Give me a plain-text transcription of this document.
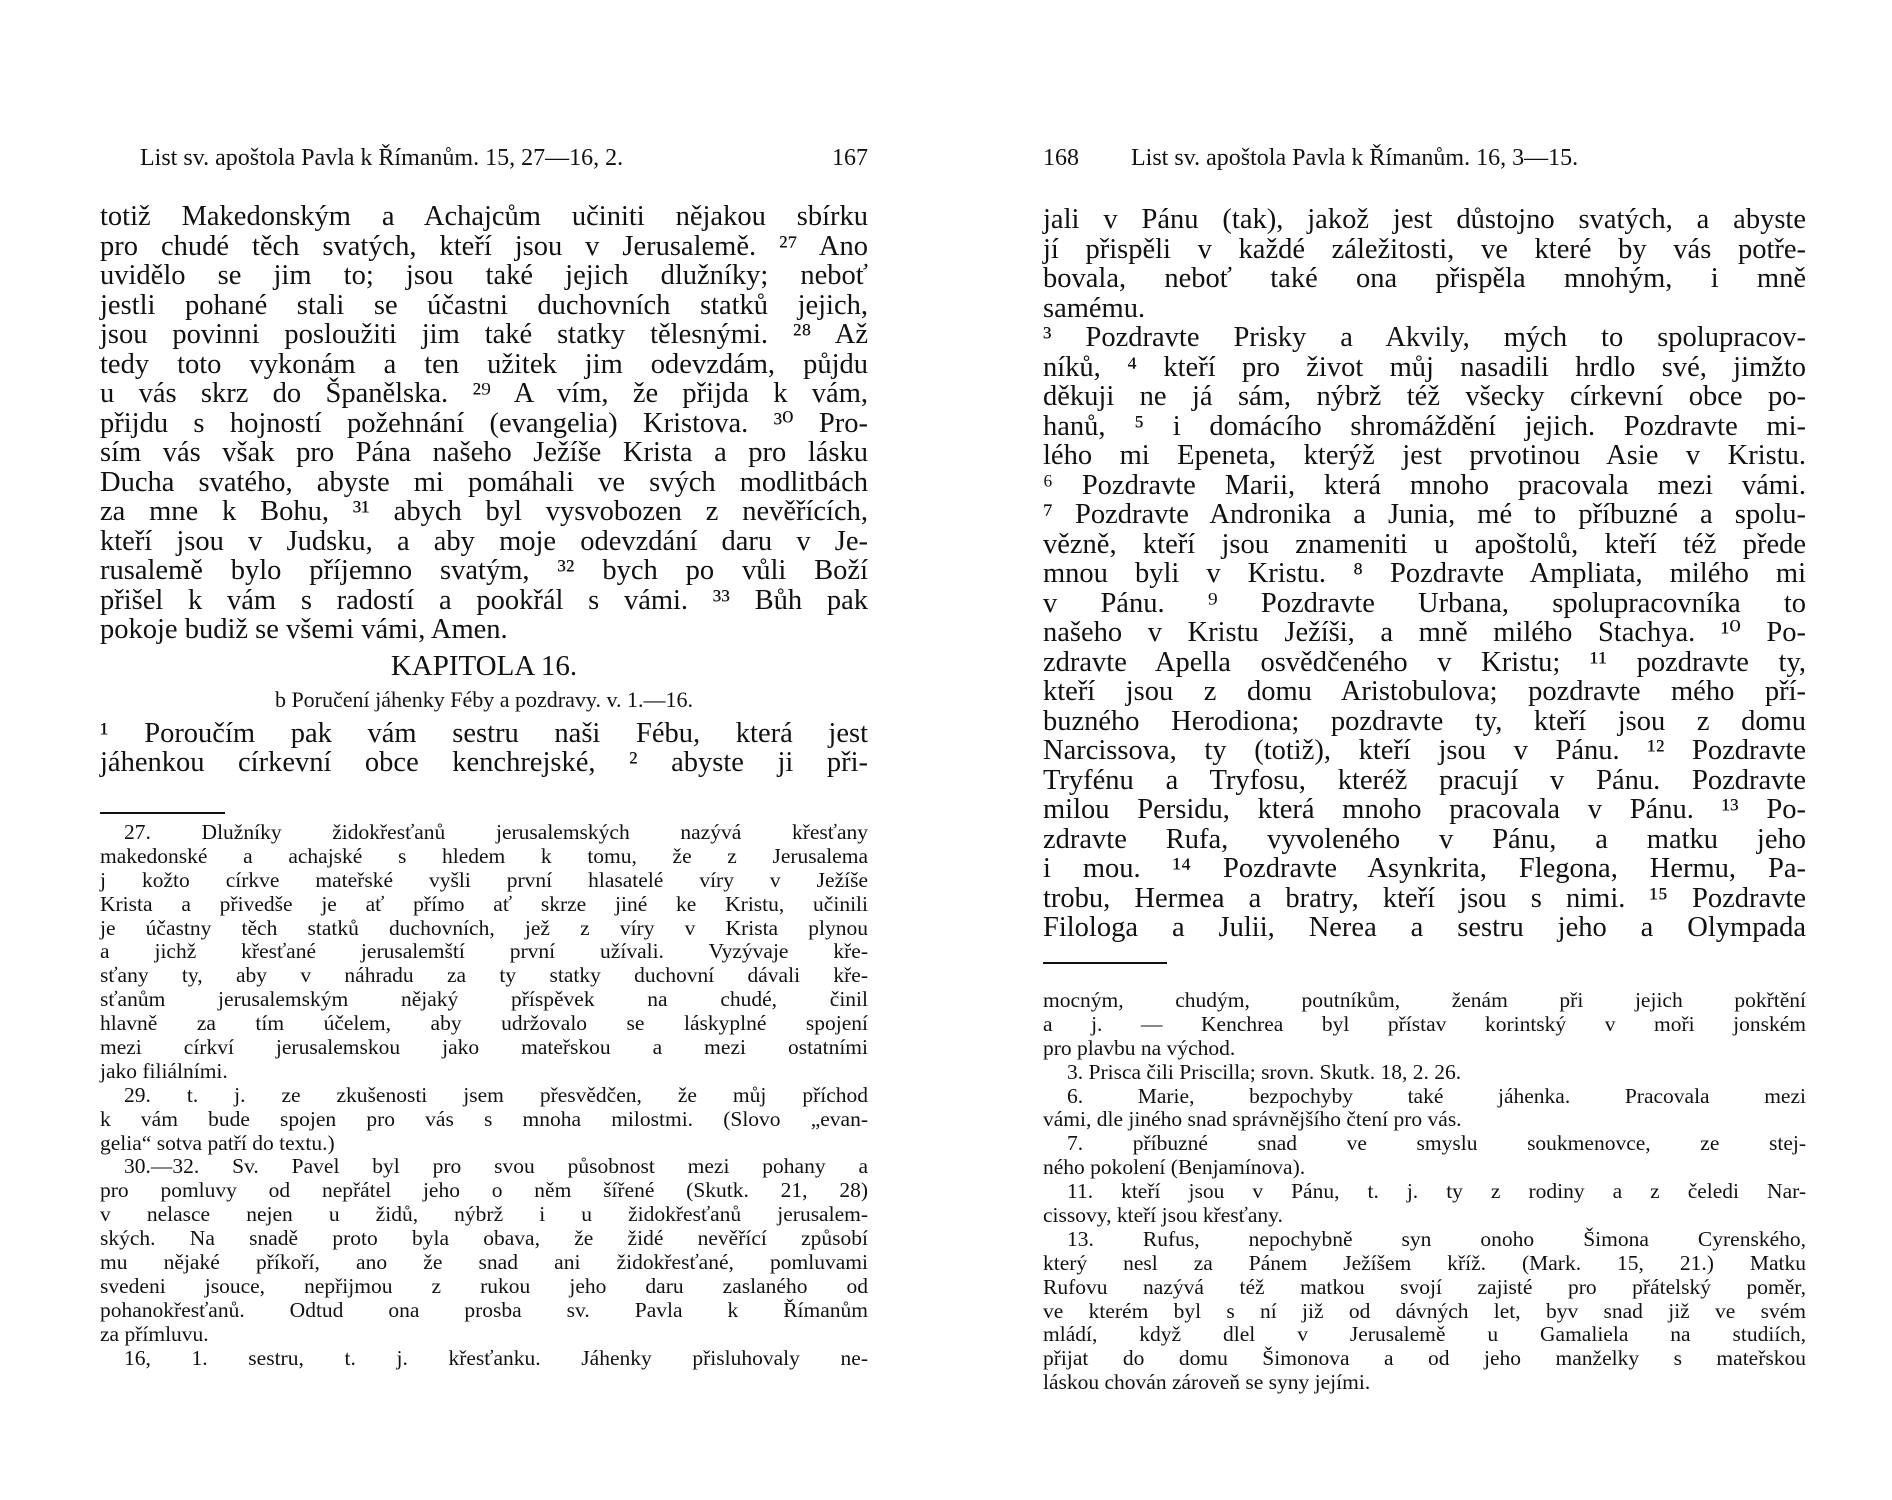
List sv. apoštola Pavla k Římanům. 15, 27—16, 2.	167
totiž Makedonským a Achajcům učiniti nějakou sbírku
pro chudé těch svatých, kteří jsou v Jerusalemě. ²⁷ Ano
uvidělo se jim to; jsou také jejich dlužníky; neboť
jestli pohané stali se účastni duchovních statků jejich,
jsou povinni posloužiti jim také statky tělesnými. ²⁸ Až
tedy toto vykonám a ten užitek jim odevzdám, půjdu
u vás skrz do Španělska. ²⁹ A vím, že přijda k vám,
přijdu s hojností požehnání (evangelia) Kristova. ³⁰ Pro-
sím vás však pro Pána našeho Ježíše Krista a pro lásku
Ducha svatého, abyste mi pomáhali ve svých modlitbách
za mne k Bohu, ³¹ abych byl vysvobozen z nevěřících,
kteří jsou v Judsku, a aby moje odevzdání daru v Je-
rusalemě bylo příjemno svatým, ³² bych po vůli Boží
přišel k vám s radostí a pookřál s vámi. ³³ Bůh pak
pokoje budiž se všemi vámi, Amen.
KAPITOLA 16.
b Poručení jáhenky Féby a pozdravy. v. 1.—16.
¹ Poroučím pak vám sestru naši Fébu, která jest
jáhenkou církevní obce kenchrejské, ² abyste ji při-
27. Dlužníky židokřesťanů jerusalemských nazývá křesťany
makedonské a achajské s hledem k tomu, že z Jerusalema
j kožto církve mateřské vyšli první hlasatelé víry v Ježíše
Krista a přivedše je ať přímo ať skrze jiné ke Kristu, učinili
je účastny těch statků duchovních, jež z víry v Krista plynou
a jichž křesťané jerusalemští první užívali. Vyzývaje kře-
sťany ty, aby v náhradu za ty statky duchovní dávali kře-
sťanům jerusalemským nějaký příspěvek na chudé, činil
hlavně za tím účelem, aby udržovalo se láskyplné spojení
mezi církví jerusalemskou jako mateřskou a mezi ostatními
jako filiálními.
29. t. j. ze zkušenosti jsem přesvědčen, že můj příchod
k vám bude spojen pro vás s mnoha milostmi. (Slovo „evan-
gelia“ sotva patří do textu.)
30.—32. Sv. Pavel byl pro svou působnost mezi pohany a
pro pomluvy od nepřátel jeho o něm šířené (Skutk. 21, 28)
v nelasce nejen u židů, nýbrž i u židokřesťanů jerusalem-
ských. Na snadě proto byla obava, že židé nevěřící způsobí
mu nějaké příkoří, ano že snad ani židokřesťané, pomluvami
svedeni jsouce, nepřijmou z rukou jeho daru zaslaného od
pohanokřesťanů. Odtud ona prosba sv. Pavla k Římanům
za přímluvu.
16, 1. sestru, t. j. křesťanku. Jáhenky přisluhovaly ne-
168 List sv. apoštola Pavla k Římanům. 16, 3—15.
jali v Pánu (tak), jakož jest důstojno svatých, a abyste
jí přispěli v každé záležitosti, ve které by vás potře-
bovala, neboť také ona přispěla mnohým, i mně
samému.
³ Pozdravte Prisky a Akvily, mých to spolupracov-
níků, ⁴ kteří pro život můj nasadili hrdlo své, jimžto
děkuji ne já sám, nýbrž též všecky církevní obce po-
hanů, ⁵ i domácího shromáždění jejich. Pozdravte mi-
lého mi Epeneta, kterýž jest prvotinou Asie v Kristu.
⁶ Pozdravte Marii, která mnoho pracovala mezi vámi.
⁷ Pozdravte Andronika a Junia, mé to příbuzné a spolu-
vězně, kteří jsou znameniti u apoštolů, kteří též přede
mnou byli v Kristu. ⁸ Pozdravte Ampliata, milého mi
v Pánu. ⁹ Pozdravte Urbana, spolupracovníka to
našeho v Kristu Ježíši, a mně milého Stachya. ¹⁰ Po-
zdravte Apella osvědčeného v Kristu; ¹¹ pozdravte ty,
kteří jsou z domu Aristobulova; pozdravte mého pří-
buzného Herodiona; pozdravte ty, kteří jsou z domu
Narcissova, ty (totiž), kteří jsou v Pánu. ¹² Pozdravte
Tryfénu a Tryfosu, kteréž pracují v Pánu. Pozdravte
milou Persidu, která mnoho pracovala v Pánu. ¹³ Po-
zdravte Rufa, vyvoleného v Pánu, a matku jeho
i mou. ¹⁴ Pozdravte Asynkrita, Flegona, Hermu, Pa-
trobu, Hermea a bratry, kteří jsou s nimi. ¹⁵ Pozdravte
Filologa a Julii, Nerea a sestru jeho a Olympada
mocným, chudým, poutníkům, ženám při jejich pokřtění
a j. — Kenchrea byl přístav korintský v moři jonském
pro plavbu na východ.
3. Prisca čili Priscilla; srovn. Skutk. 18, 2. 26.
6. Marie, bezpochyby také jáhenka. Pracovala mezi
vámi, dle jiného snad správnějšího čtení pro vás.
7. příbuzné snad ve smyslu soukmenovce, ze stej-
ného pokolení (Benjamínova).
11. kteří jsou v Pánu, t. j. ty z rodiny a z čeledi Nar-
cissovy, kteří jsou křesťany.
13. Rufus, nepochybně syn onoho Šimona Cyrenského,
který nesl za Pánem Ježíšem kříž. (Mark. 15, 21.) Matku
Rufovu nazývá též matkou svojí zajisté pro přátelský poměr,
ve kterém byl s ní již od dávných let, byv snad již ve svém
mládí, když dlel v Jerusalemě u Gamaliela na studiích,
přijat do domu Šimonova a od jeho manželky s mateřskou
láskou chován zároveň se syny jejími.
